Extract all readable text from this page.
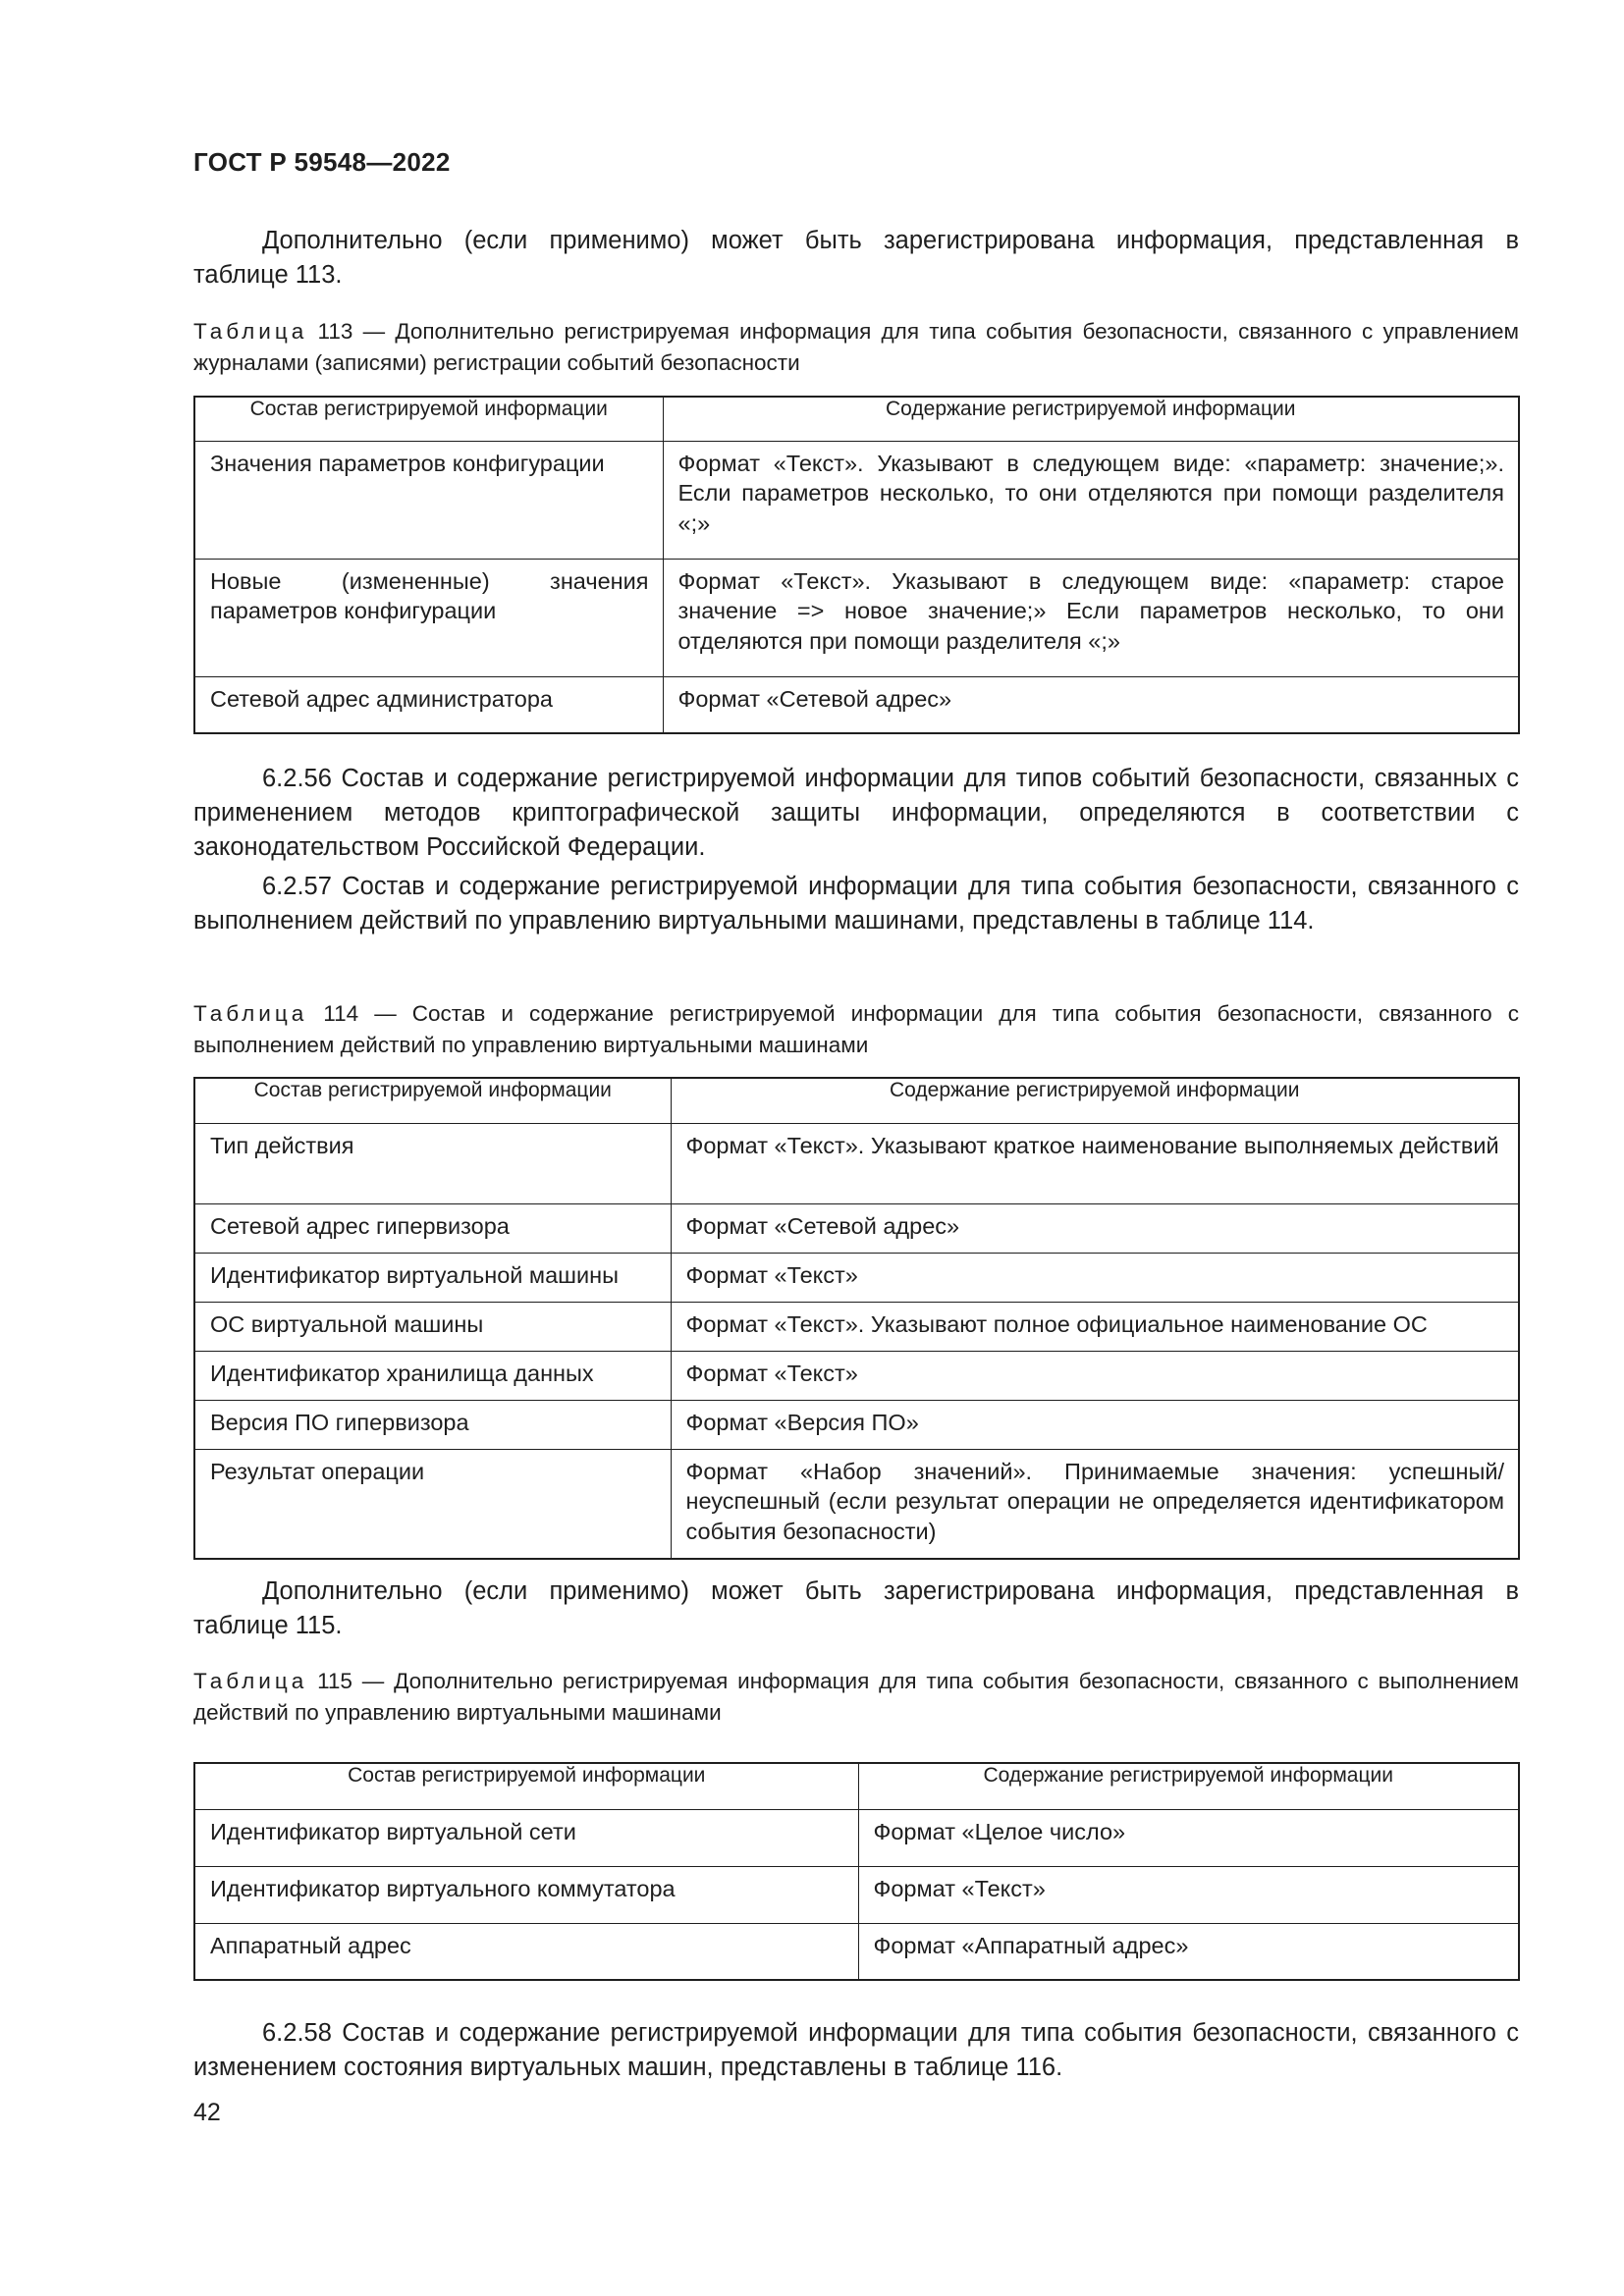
ГОСТ Р 59548—2022
Дополнительно (если применимо) может быть зарегистрирована информация, представленная в
таблице 113.
Таблица 113 — Дополнительно регистрируемая информация для типа события безопасности, связанного с управлением журналами (записями) регистрации событий безопасности
Состав регистрируемой информации	Содержание регистрируемой информации
Значения параметров конфигурации	Формат «Текст». Указывают в следующем виде: «параметр: значение;». Если параметров несколько, то они отделяются при помощи разделителя «;»
Новые (измененные) значения параметров конфигурации	Формат «Текст». Указывают в следующем виде: «параметр: старое значение => новое значение;» Если параметров несколько, то они отделяются при помощи разделителя «;»
Сетевой адрес администратора	Формат «Сетевой адрес»
6.2.56 Состав и содержание регистрируемой информации для типов событий безопасности, связанных с применением методов криптографической защиты информации, определяются в соответствии с законодательством Российской Федерации.
6.2.57 Состав и содержание регистрируемой информации для типа события безопасности, связанного с выполнением действий по управлению виртуальными машинами, представлены в таблице 114.
Таблица 114 — Состав и содержание регистрируемой информации для типа события безопасности, связанного с выполнением действий по управлению виртуальными машинами
Состав регистрируемой информации	Содержание регистрируемой информации
Тип действия	Формат «Текст». Указывают краткое наименование выполняемых действий
Сетевой адрес гипервизора	Формат «Сетевой адрес»
Идентификатор виртуальной машины	Формат «Текст»
ОС виртуальной машины	Формат «Текст». Указывают полное официальное наименование ОС
Идентификатор хранилища данных	Формат «Текст»
Версия ПО гипервизора	Формат «Версия ПО»
Результат операции	Формат «Набор значений». Принимаемые значения: успешный/неуспешный (если результат операции не определяется идентификатором события безопасности)
Дополнительно (если применимо) может быть зарегистрирована информация, представленная в
таблице 115.
Таблица 115 — Дополнительно регистрируемая информация для типа события безопасности, связанного с выполнением действий по управлению виртуальными машинами
Состав регистрируемой информации	Содержание регистрируемой информации
Идентификатор виртуальной сети	Формат «Целое число»
Идентификатор виртуального коммутатора	Формат «Текст»
Аппаратный адрес	Формат «Аппаратный адрес»
6.2.58 Состав и содержание регистрируемой информации для типа события безопасности, связанного с изменением состояния виртуальных машин, представлены в таблице 116.
42
